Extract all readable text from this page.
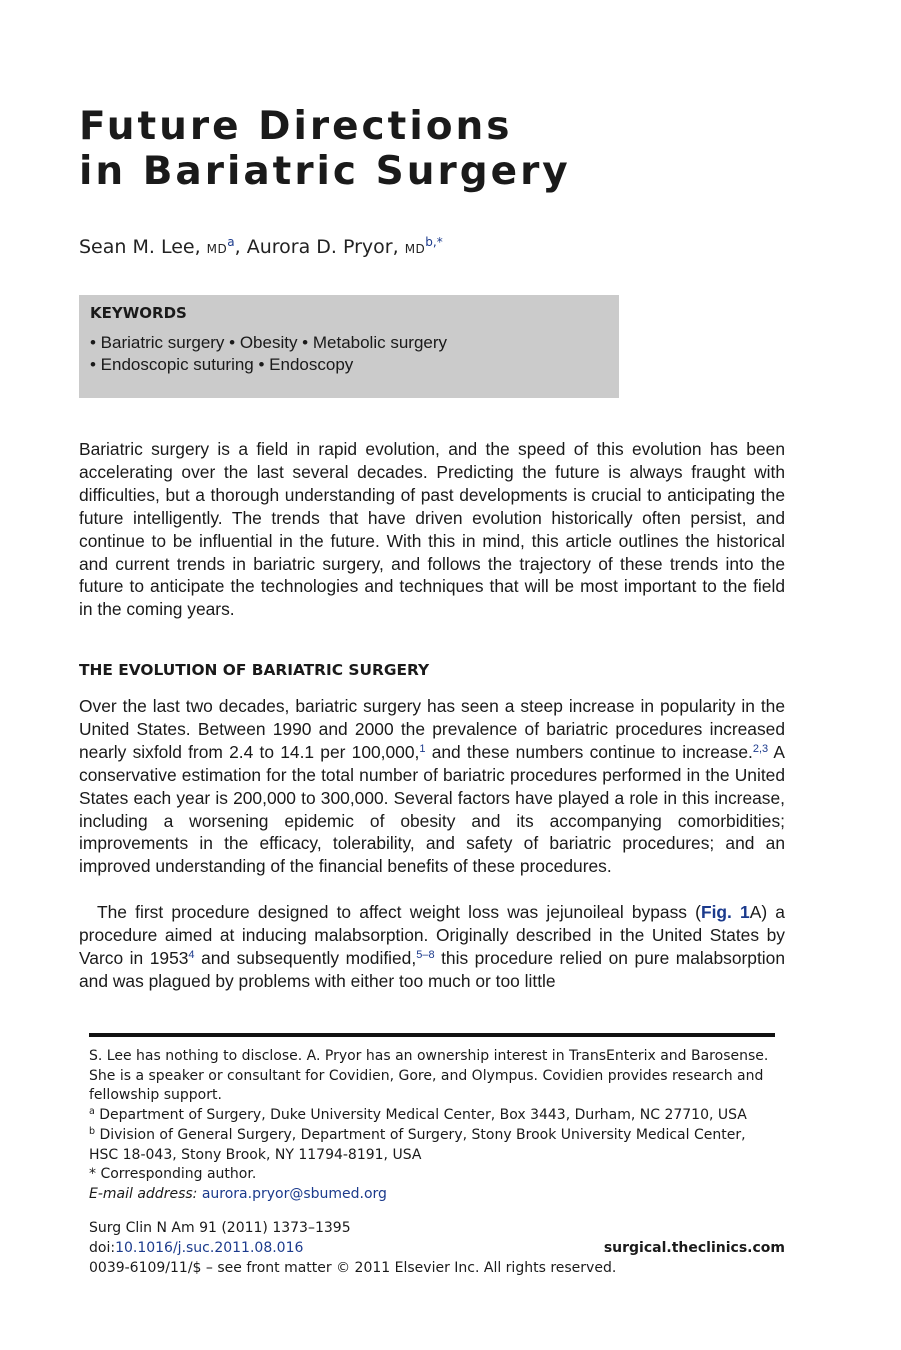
Future Directions
in Bariatric Surgery
Sean M. Lee, $MD^a$, Aurora D. Pryor, $MD^{b,*}$
KEYWORDS
• Bariatric surgery • Obesity • Metabolic surgery
• Endoscopic suturing • Endoscopy

Bariatric surgery is a field in rapid evolution, and the speed of this evolution has been accelerating over the last several decades. Predicting the future is always fraught with difficulties, but a thorough understanding of past developments is crucial to anticipating the future intelligently. The trends that have driven evolution historically often persist, and continue to be influential in the future. With this in mind, this article outlines the historical and current trends in bariatric surgery, and follows the trajectory of these trends into the future to anticipate the technologies and techniques that will be most important to the field in the coming years.

THE EVOLUTION OF BARIATRIC SURGERY

Over the last two decades, bariatric surgery has seen a steep increase in popularity in the United States. Between 1990 and 2000 the prevalence of bariatric procedures increased nearly sixfold from 2.4 to 14.1 per 100,000,$^1$ and these numbers continue to increase.$^{2,3}$ A conservative estimation for the total number of bariatric procedures performed in the United States each year is 200,000 to 300,000. Several factors have played a role in this increase, including a worsening epidemic of obesity and its accompanying comorbidities; improvements in the efficacy, tolerability, and safety of bariatric procedures; and an improved understanding of the financial benefits of these procedures.

The first procedure designed to affect weight loss was jejunoileal bypass (Fig. 1A) a procedure aimed at inducing malabsorption. Originally described in the United States by Varco in 1953$^4$ and subsequently modified,$^{5-8}$ this procedure relied on pure malabsorption and was plagued by problems with either too much or too little

S. Lee has nothing to disclose. A. Pryor has an ownership interest in TransEnterix and Barosense. She is a speaker or consultant for Covidien, Gore, and Olympus. Covidien provides research and fellowship support.

$^a$ Department of Surgery, Duke University Medical Center, Box 3443, Durham, NC 27710, USA

$^b$ Division of General Surgery, Department of Surgery, Stony Brook University Medical Center, HSC 18-043, Stony Brook, NY 11794-8191, USA

* Corresponding author.

E-mail address: aurora.pryor@sbumed.org

Surg Clin N Am 91 (2011) 1373–1395
doi:10.1016/j.suc.2011.08.016	surgical.theclinics.com
0039-6109/11/$ – see front matter © 2011 Elsevier Inc. All rights reserved.
